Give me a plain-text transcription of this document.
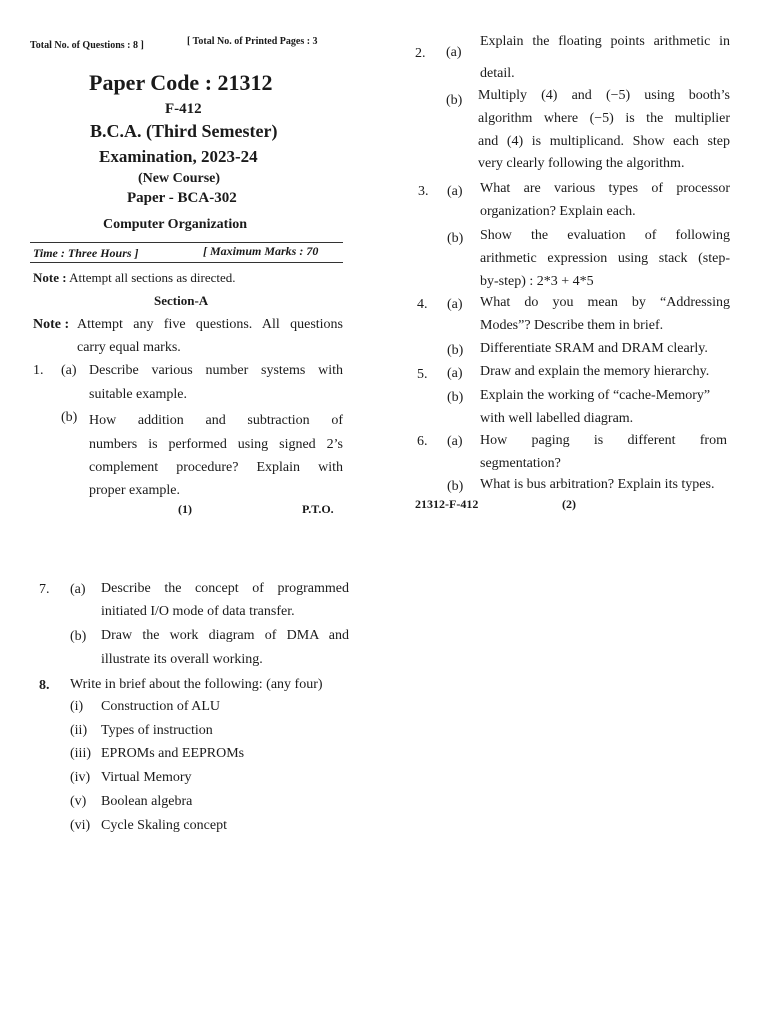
Total No. of Questions : 8 ]	[ Total No. of Printed Pages : 3
Paper Code : 21312
F-412
B.C.A. (Third Semester)
Examination, 2023-24
(New Course)
Paper - BCA-302
Computer Organization
Time : Three Hours ]	[ Maximum Marks : 70
Note : Attempt all sections as directed.
Section-A
Note : Attempt any five questions. All questions
carry equal marks.
1. (a) Describe various number systems with
suitable example.
(b) How addition and subtraction of
numbers is performed using signed 2’s
complement procedure? Explain with
proper example.
(1)	P.T.O.
2. (a)
Explain the floating points arithmetic in
detail.
(b) Multiply (4) and (−5) using booth’s
algorithm where (−5) is the multiplier
and (4) is multiplicand. Show each step
very clearly following the algorithm.
3. (a) What are various types of processor
organization? Explain each.
(b) Show the evaluation of following
arithmetic expression using stack (step-
by-step) : 2*3 + 4*5
4. (a) What do you mean by “Addressing
Modes”? Describe them in brief.
(b) Differentiate SRAM and DRAM clearly.
5. (a) Draw and explain the memory hierarchy.
(b) Explain the working of “cache-Memory”
with well labelled diagram.
6. (a) How paging is different from
segmentation?
(b) What is bus arbitration? Explain its types.
21312-F-412	(2)
7. (a) Describe the concept of programmed
initiated I/O mode of data transfer.
(b) Draw the work diagram of DMA and
illustrate its overall working.
8. Write in brief about the following: (any four)
(i) Construction of ALU
(ii) Types of instruction
(iii) EPROMs and EEPROMs
(iv) Virtual Memory
(v) Boolean algebra
(vi) Cycle Skaling concept
